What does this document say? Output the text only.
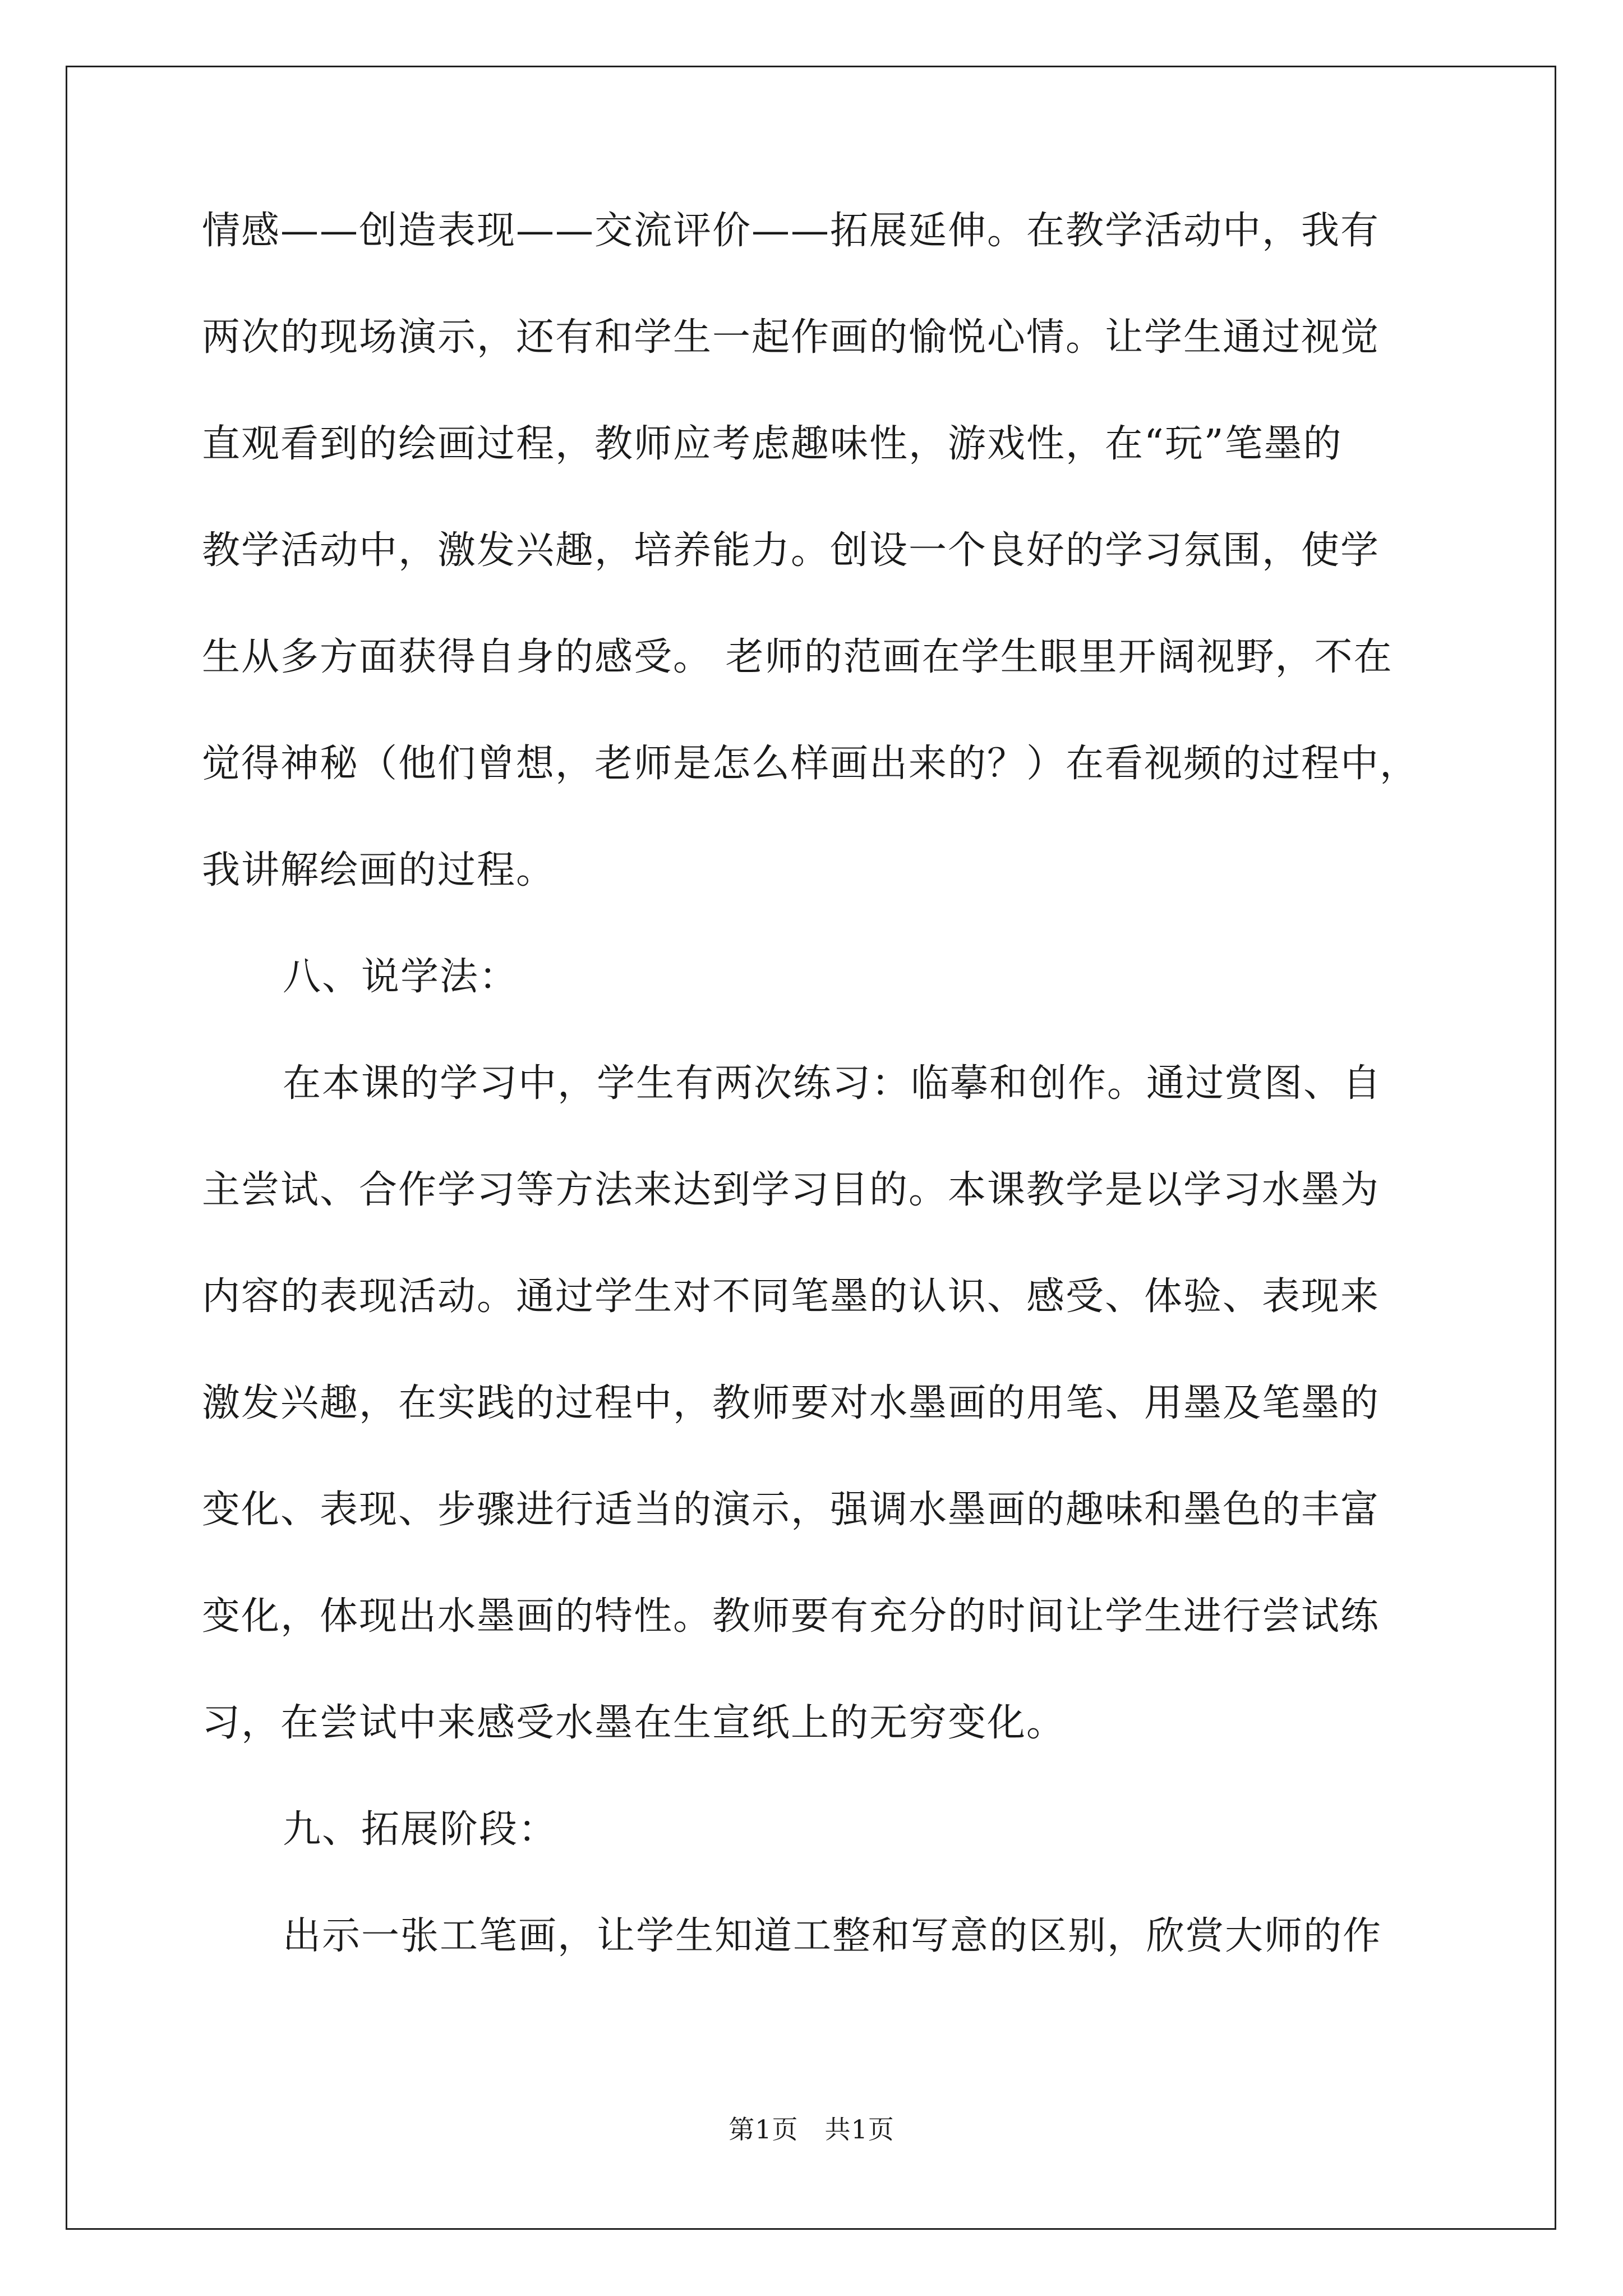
情感——创造表现——交流评价——拓展延伸。在教学活动中，我有
两次的现场演示，还有和学生一起作画的愉悦心情。让学生通过视觉
直观看到的绘画过程，教师应考虑趣味性，游戏性，在“玩”笔墨的
教学活动中，激发兴趣，培养能力。创设一个良好的学习氛围，使学
生从多方面获得自身的感受。 老师的范画在学生眼里开阔视野，不在
觉得神秘（他们曾想，老师是怎么样画出来的？）在看视频的过程中，
我讲解绘画的过程。
八、说学法：
在本课的学习中，学生有两次练习：临摹和创作。通过赏图、自
主尝试、合作学习等方法来达到学习目的。本课教学是以学习水墨为
内容的表现活动。通过学生对不同笔墨的认识、感受、体验、表现来
激发兴趣，在实践的过程中，教师要对水墨画的用笔、用墨及笔墨的
变化、表现、步骤进行适当的演示，强调水墨画的趣味和墨色的丰富
变化，体现出水墨画的特性。教师要有充分的时间让学生进行尝试练
习，在尝试中来感受水墨在生宣纸上的无穷变化。
九、拓展阶段：
出示一张工笔画，让学生知道工整和写意的区别，欣赏大师的作
第1页　共1页
